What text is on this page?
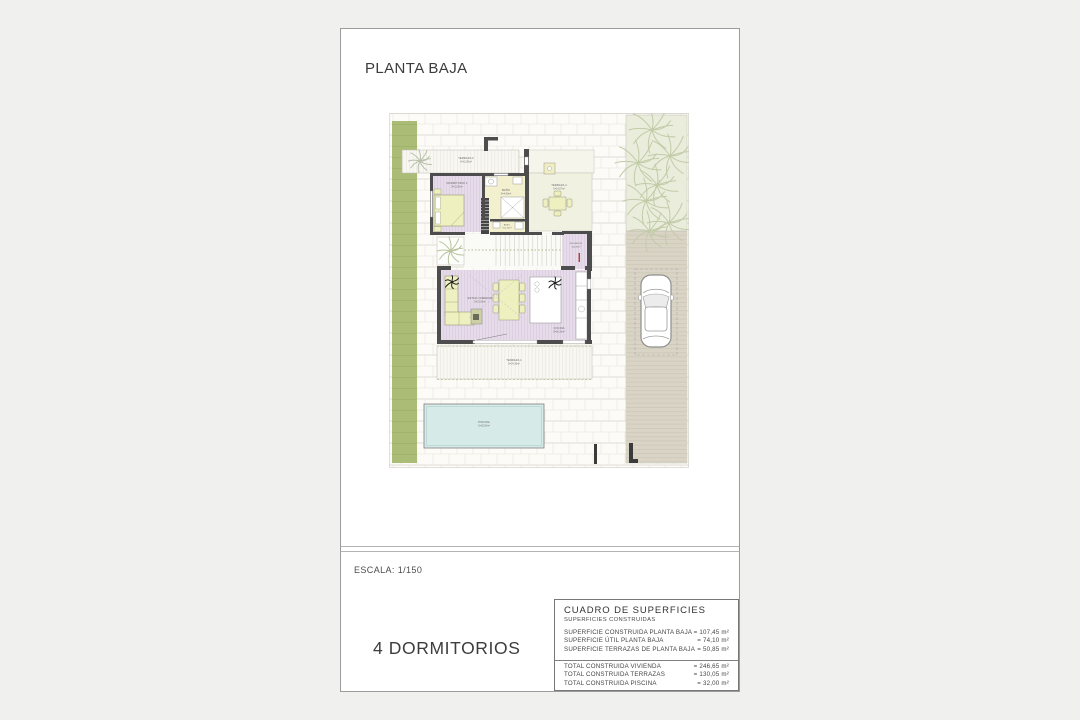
PLANTA BAJA
TERRAZA 2
S=12,00m²
DORMITORIO 1
S=11,50m²
BAÑO
S=4,60m²
ASEO
S=2,34m²
TERRAZA 4
S=14,07m²
RECIBIDOR
S=6,83m²
ESTAR COMEDOR
S=31,06m²
COCINA
S=16,36m²
TERRAZA 1
S=24,36m²
PISCINA
S=32,00m²
ESCALA: 1/150
4 DORMITORIOS
CUADRO DE SUPERFICIES
SUPERFICIES CONSTRUIDAS
SUPERFICIE CONSTRUIDA PLANTA BAJA = 107,45 m²
SUPERFICIE ÚTIL PLANTA BAJA	= 74,10 m²
SUPERFICIE TERRAZAS DE PLANTA BAJA = 50,85 m²
TOTAL CONSTRUIDA VIVIENDA	= 246,65 m²
TOTAL CONSTRUIDA TERRAZAS	= 130,05 m²
TOTAL CONSTRUIDA PISCINA	= 32,00 m²
